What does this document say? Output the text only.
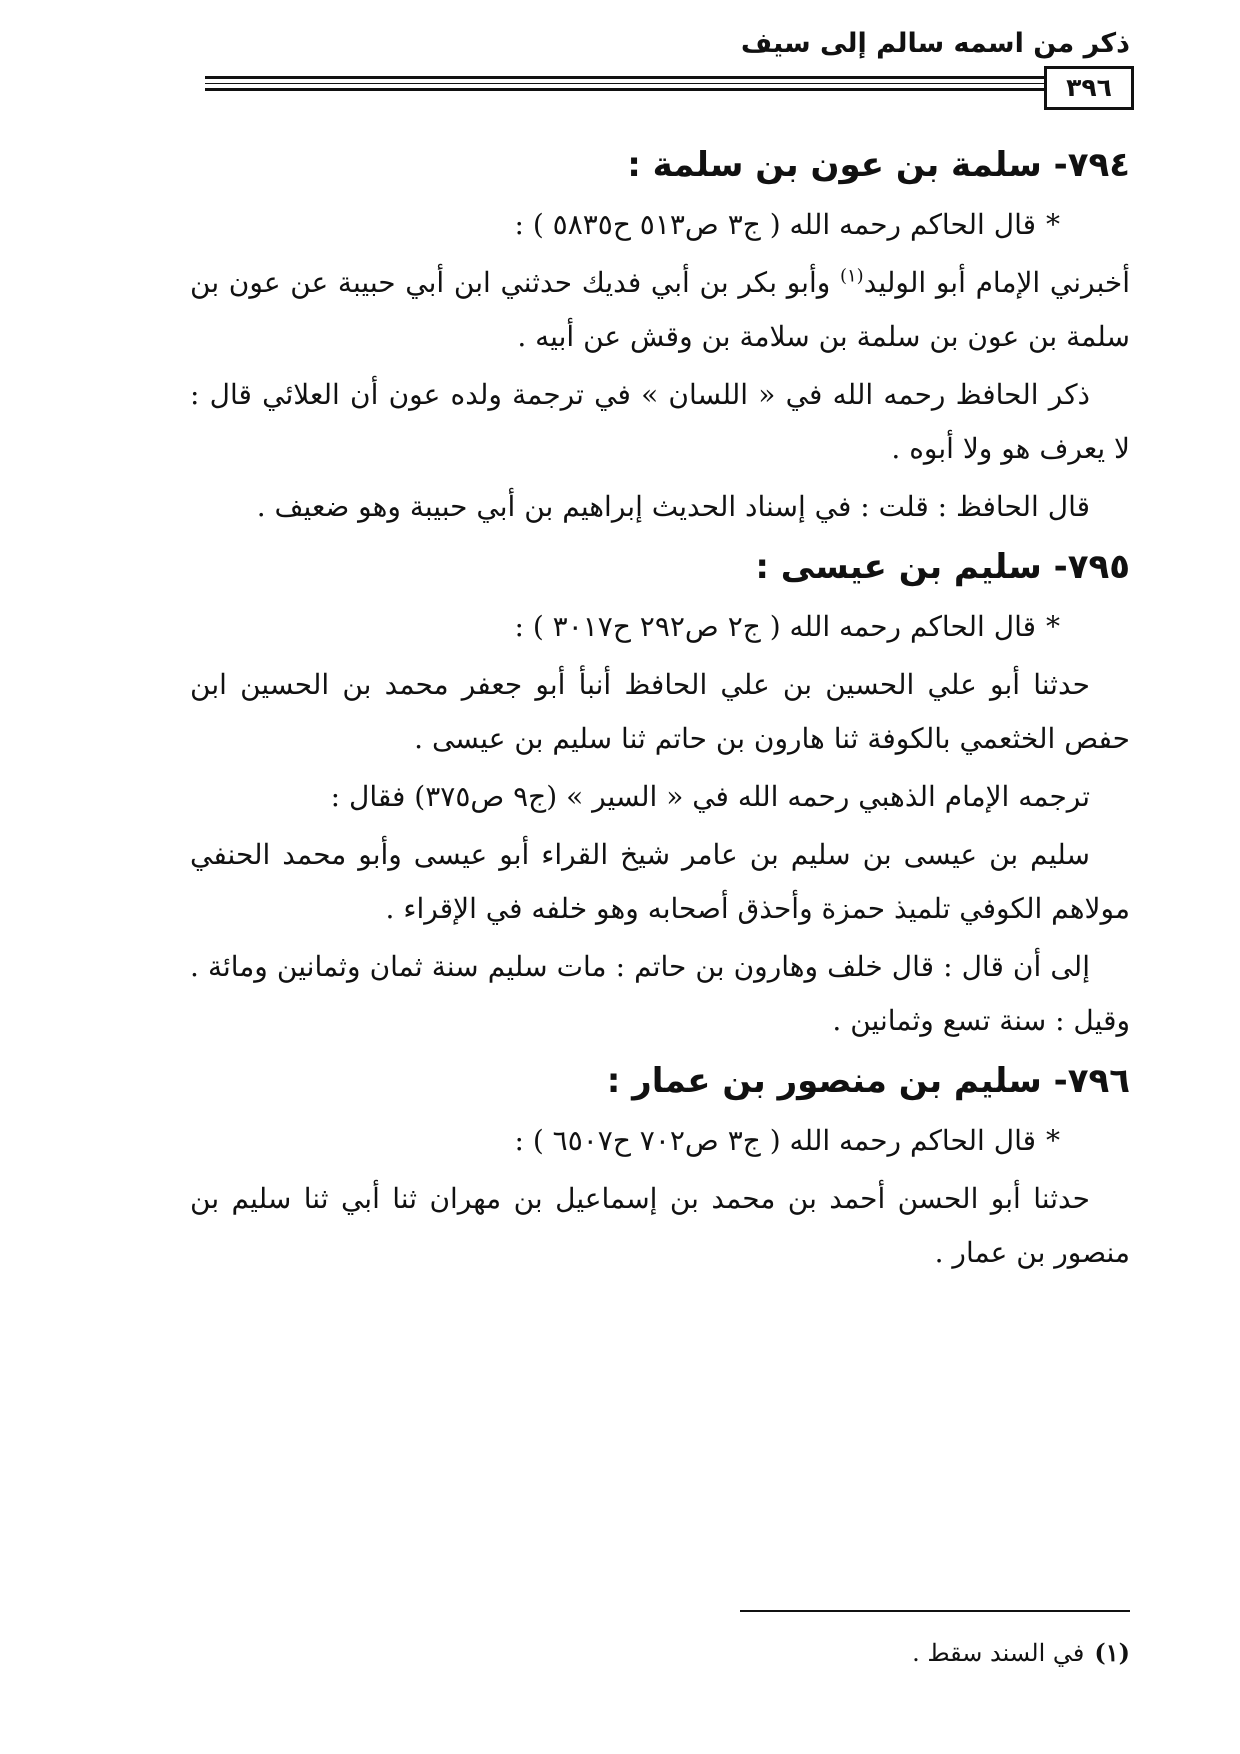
ذكر من اسمه سالم إلى سيف
٣٩٦
٧٩٤- سلمة بن عون بن سلمة :

*قال الحاكم رحمه الله ( ج٣ ص٥١٣ ح٥٨٣٥ ) :

أخبرني الإمام أبو الوليد$^{(١)}$ وأبو بكر بن أبي فديك حدثني ابن أبي حبيبة عن عون بن سلمة بن عون بن سلمة بن سلامة بن وقش عن أبيه .

ذكر الحافظ رحمه الله في « اللسان » في ترجمة ولده عون أن العلائي قال : لا يعرف هو ولا أبوه .

قال الحافظ : قلت : في إسناد الحديث إبراهيم بن أبي حبيبة وهو ضعيف .

٧٩٥- سليم بن عيسى :

*قال الحاكم رحمه الله ( ج٢ ص٢٩٢ ح٣٠١٧ ) :

حدثنا أبو علي الحسين بن علي الحافظ أنبأ أبو جعفر محمد بن الحسين ابن حفص الخثعمي بالكوفة ثنا هارون بن حاتم ثنا سليم بن عيسى .

ترجمه الإمام الذهبي رحمه الله في « السير » (ج٩ ص٣٧٥) فقال :

سليم بن عيسى بن سليم بن عامر شيخ القراء أبو عيسى وأبو محمد الحنفي مولاهم الكوفي تلميذ حمزة وأحذق أصحابه وهو خلفه في الإقراء .

إلى أن قال : قال خلف وهارون بن حاتم : مات سليم سنة ثمان وثمانين ومائة . وقيل : سنة تسع وثمانين .

٧٩٦- سليم بن منصور بن عمار :

*قال الحاكم رحمه الله ( ج٣ ص٧٠٢ ح٦٥٠٧ ) :

حدثنا أبو الحسن أحمد بن محمد بن إسماعيل بن مهران ثنا أبي ثنا سليم بن منصور بن عمار .

(١)في السند سقط .
